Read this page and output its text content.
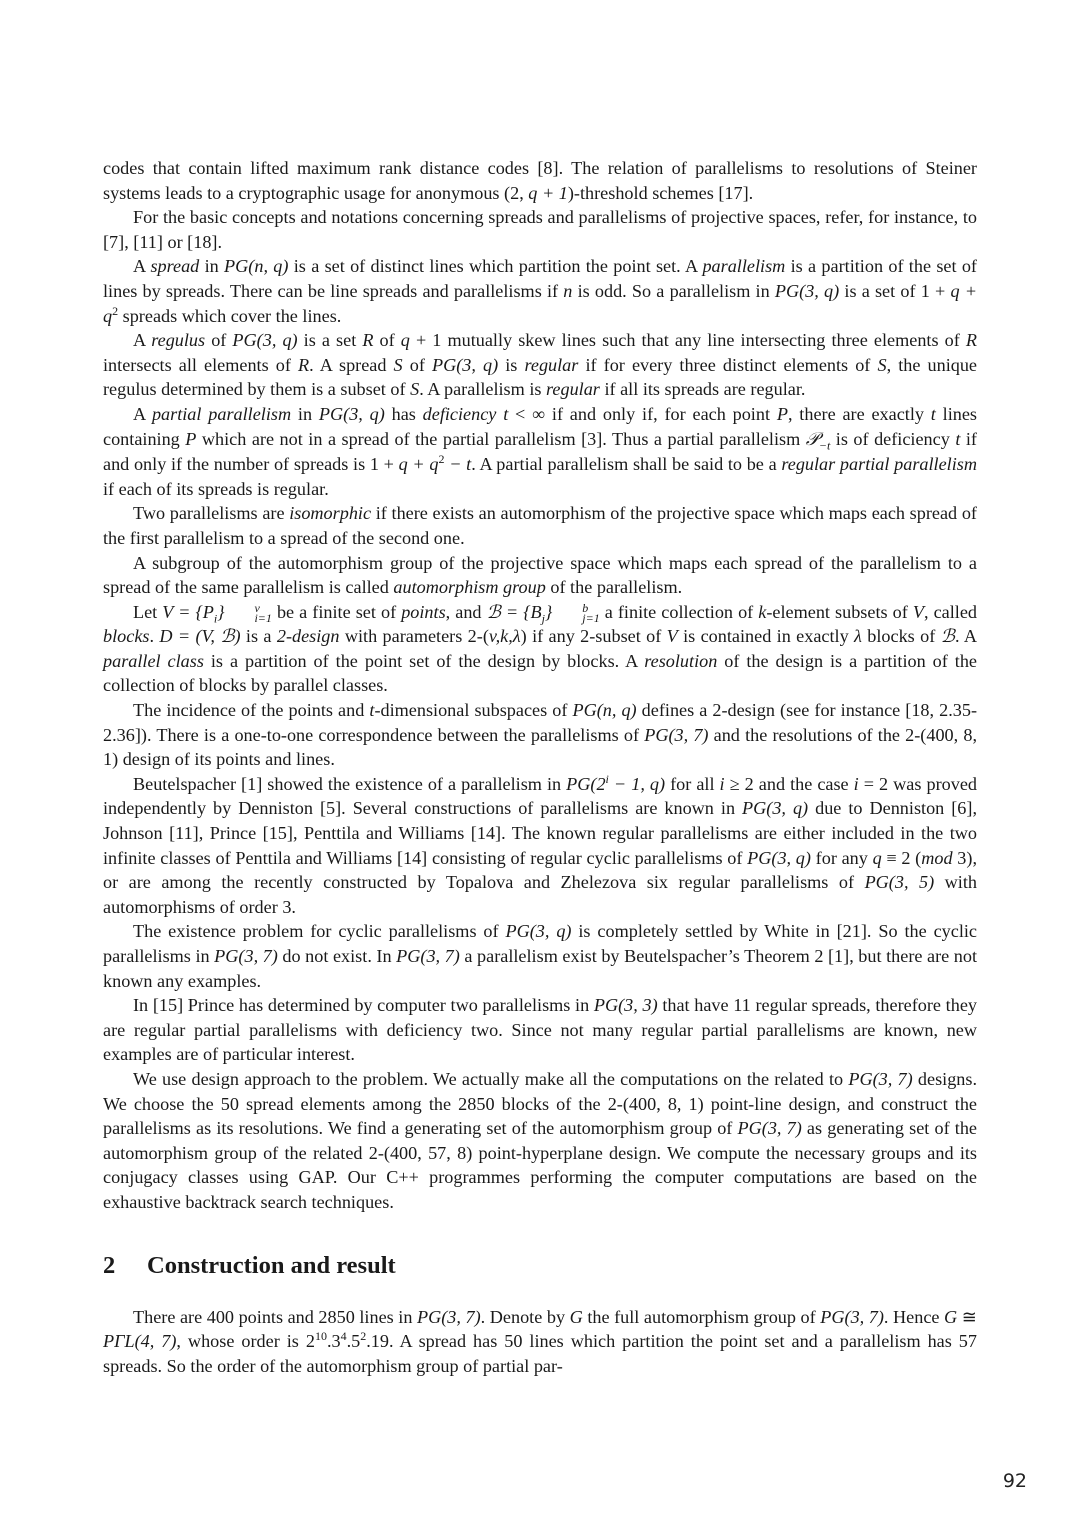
codes that contain lifted maximum rank distance codes [8]. The relation of parallelisms to resolutions of Steiner systems leads to a cryptographic usage for anonymous (2, q + 1)-threshold schemes [17].

For the basic concepts and notations concerning spreads and parallelisms of projective spaces, refer, for instance, to [7], [11] or [18].

A spread in PG(n, q) is a set of distinct lines which partition the point set. A parallelism is a partition of the set of lines by spreads. There can be line spreads and parallelisms if n is odd. So a parallelism in PG(3, q) is a set of $1 + q + q^2$ spreads which cover the lines.

A regulus of PG(3, q) is a set R of q + 1 mutually skew lines such that any line intersecting three elements of R intersects all elements of R. A spread S of PG(3, q) is regular if for every three distinct elements of S, the unique regulus determined by them is a subset of S. A parallelism is regular if all its spreads are regular.

A partial parallelism in PG(3, q) has deficiency t < ∞ if and only if, for each point P, there are exactly t lines containing P which are not in a spread of the partial parallelism [3]. Thus a partial parallelism 𝒫$_{-t}$ is of deficiency t if and only if the number of spreads is $1 + q + q^2 - t$. A partial parallelism shall be said to be a regular partial parallelism if each of its spreads is regular.

Two parallelisms are isomorphic if there exists an automorphism of the projective space which maps each spread of the first parallelism to a spread of the second one.

A subgroup of the automorphism group of the projective space which maps each spread of the parallelism to a spread of the same parallelism is called automorphism group of the parallelism.

Let $V = \{P_i\}$	v
i=1 be a finite set of points, and ℬ = $\{B_j\}$	b
j=1 a finite collection of k-element subsets of V, called blocks. D = (V, ℬ) is a 2-design with parameters 2-(v,k,λ) if any 2-subset of V is contained in exactly λ blocks of ℬ. A parallel class is a partition of the point set of the design by blocks. A resolution of the design is a partition of the collection of blocks by parallel classes.

The incidence of the points and t-dimensional subspaces of PG(n, q) defines a 2-design (see for instance [18, 2.35-2.36]). There is a one-to-one correspondence between the parallelisms of PG(3, 7) and the resolutions of the 2-(400, 8, 1) design of its points and lines.

Beutelspacher [1] showed the existence of a parallelism in $PG(2^i - 1$, q) for all i ≥ 2 and the case i = 2 was proved independently by Denniston [5]. Several constructions of parallelisms are known in PG(3, q) due to Denniston [6], Johnson [11], Prince [15], Penttila and Williams [14]. The known regular parallelisms are either included in the two infinite classes of Penttila and Williams [14] consisting of regular cyclic parallelisms of PG(3, q) for any q ≡ 2 (mod 3), or are among the recently constructed by Topalova and Zhelezova six regular parallelisms of PG(3, 5) with automorphisms of order 3.

The existence problem for cyclic parallelisms of PG(3, q) is completely settled by White in [21]. So the cyclic parallelisms in PG(3, 7) do not exist. In PG(3, 7) a parallelism exist by Beutelspacher’s Theorem 2 [1], but there are not known any examples.

In [15] Prince has determined by computer two parallelisms in PG(3, 3) that have 11 regular spreads, therefore they are regular partial parallelisms with deficiency two. Since not many regular partial parallelisms are known, new examples are of particular interest.

We use design approach to the problem. We actually make all the computations on the related to PG(3, 7) designs. We choose the 50 spread elements among the 2850 blocks of the 2-(400, 8, 1) point-line design, and construct the parallelisms as its resolutions. We find a generating set of the automorphism group of PG(3, 7) as generating set of the automorphism group of the related 2-(400, 57, 8) point-hyperplane design. We compute the necessary groups and its conjugacy classes using GAP. Our C++ programmes performing the computer computations are based on the exhaustive backtrack search techniques.

2 Construction and result

There are 400 points and 2850 lines in PG(3, 7). Denote by G the full automorphism group of PG(3, 7). Hence G ≅ PΓL(4, 7), whose order is $2^{10}.3^4.5^2.19$. A spread has 50 lines which partition the point set and a parallelism has 57 spreads. So the order of the automorphism group of partial par-

92
